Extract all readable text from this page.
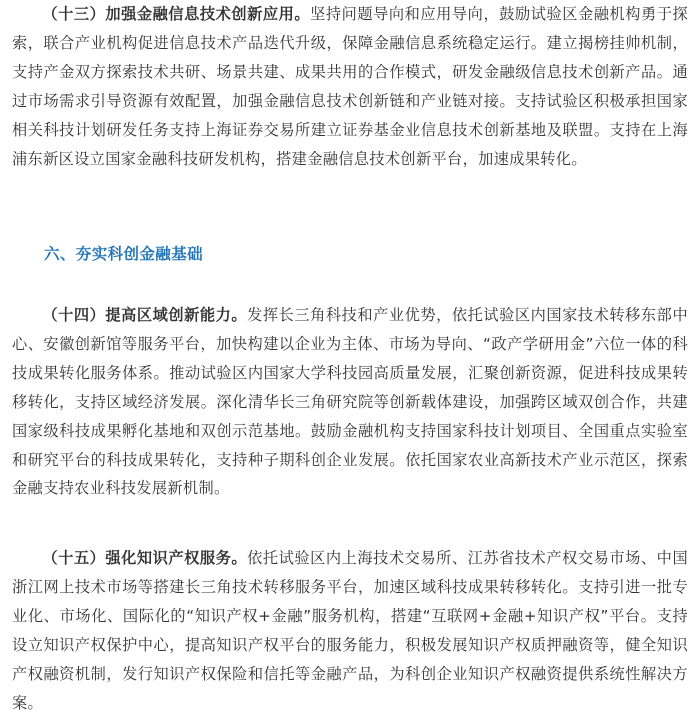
（十三）加强金融信息技术创新应用。坚持问题导向和应用导向，鼓励试验区金融机构勇于探索，联合产业机构促进信息技术产品迭代升级，保障金融信息系统稳定运行。建立揭榜挂帅机制，支持产金双方探索技术共研、场景共建、成果共用的合作模式，研发金融级信息技术创新产品。通过市场需求引导资源有效配置，加强金融信息技术创新链和产业链对接。支持试验区积极承担国家相关科技计划研发任务支持上海证券交易所建立证券基金业信息技术创新基地及联盟。支持在上海浦东新区设立国家金融科技研发机构，搭建金融信息技术创新平台，加速成果转化。

六、夯实科创金融基础

（十四）提高区域创新能力。发挥长三角科技和产业优势，依托试验区内国家技术转移东部中心、安徽创新馆等服务平台，加快构建以企业为主体、市场为导向、“政产学研用金”六位一体的科技成果转化服务体系。推动试验区内国家大学科技园高质量发展，汇聚创新资源，促进科技成果转移转化，支持区域经济发展。深化清华长三角研究院等创新载体建设，加强跨区域双创合作，共建国家级科技成果孵化基地和双创示范基地。鼓励金融机构支持国家科技计划项目、全国重点实验室和研究平台的科技成果转化，支持种子期科创企业发展。依托国家农业高新技术产业示范区，探索金融支持农业科技发展新机制。

（十五）强化知识产权服务。依托试验区内上海技术交易所、江苏省技术产权交易市场、中国浙江网上技术市场等搭建长三角技术转移服务平台，加速区域科技成果转移转化。支持引进一批专业化、市场化、国际化的“知识产权+金融”服务机构，搭建“互联网+金融+知识产权”平台。支持设立知识产权保护中心，提高知识产权平台的服务能力，积极发展知识产权质押融资等，健全知识产权融资机制，发行知识产权保险和信托等金融产品，为科创企业知识产权融资提供系统性解决方案。
